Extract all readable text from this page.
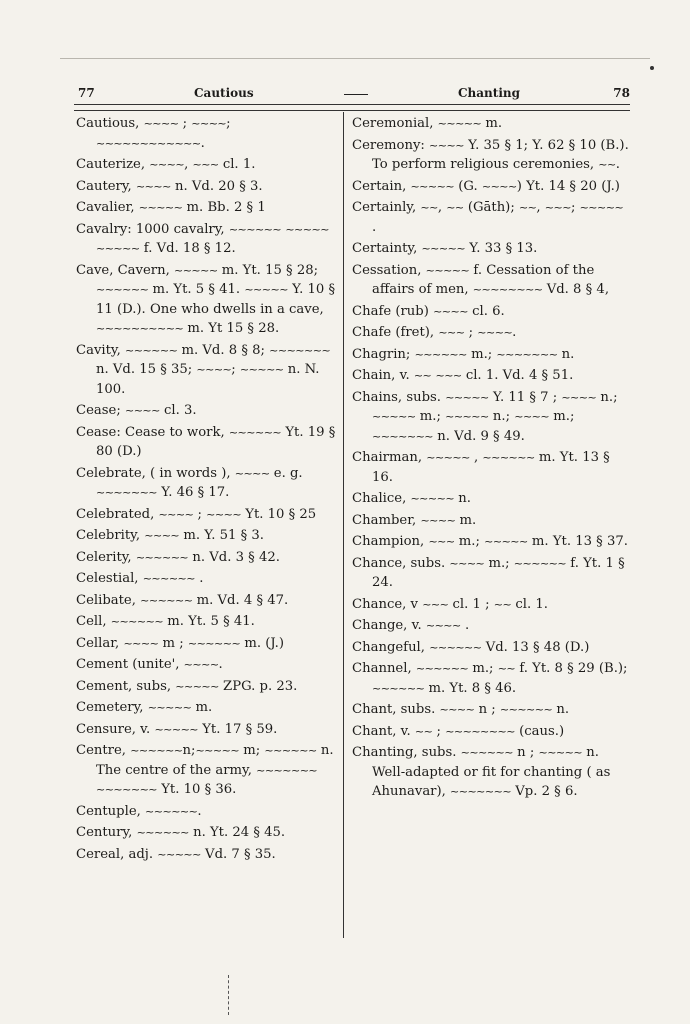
77	Cautious	Chanting	78
Cautious, ~~~~ ; ~~~~; ~~~~~~~~~~~~.
Cauterize, ~~~~, ~~~ cl. 1.
Cautery, ~~~~ n. Vd. 20 § 3.
Cavalier, ~~~~~ m. Bb. 2 § 1
Cavalry: 1000 cavalry, ~~~~~~ ~~~~~ ~~~~~ f. Vd. 18 § 12.
Cave, Cavern, ~~~~~ m. Yt. 15 § 28; ~~~~~~ m. Yt. 5 § 41. ~~~~~ Y. 10 § 11 (D.). One who dwells in a cave, ~~~~~~~~~~ m. Yt 15 § 28.
Cavity, ~~~~~~ m. Vd. 8 § 8; ~~~~~~~ n. Vd. 15 § 35; ~~~~; ~~~~~ n. N. 100.
Cease; ~~~~ cl. 3.
Cease: Cease to work, ~~~~~~ Yt. 19 § 80 (D.)
Celebrate, ( in words ), ~~~~ e. g. ~~~~~~~ Y. 46 § 17.
Celebrated, ~~~~ ; ~~~~ Yt. 10 § 25
Celebrity, ~~~~ m. Y. 51 § 3.
Celerity, ~~~~~~ n. Vd. 3 § 42.
Celestial, ~~~~~~ .
Celibate, ~~~~~~ m. Vd. 4 § 47.
Cell, ~~~~~~ m. Yt. 5 § 41.
Cellar, ~~~~ m ; ~~~~~~ m. (J.)
Cement (unite', ~~~~.
Cement, subs, ~~~~~ ZPG. p. 23.
Cemetery, ~~~~~ m.
Censure, v. ~~~~~ Yt. 17 § 59.
Centre, ~~~~~~n;~~~~~ m; ~~~~~~ n. The centre of the army, ~~~~~~~ ~~~~~~~ Yt. 10 § 36.
Centuple, ~~~~~~.
Century, ~~~~~~ n. Yt. 24 § 45.
Cereal, adj. ~~~~~ Vd. 7 § 35.
Ceremonial, ~~~~~ m.
Ceremony: ~~~~ Y. 35 § 1; Y. 62 § 10 (B.). To perform religious ceremonies, ~~.
Certain, ~~~~~ (G. ~~~~) Yt. 14 § 20 (J.)
Certainly, ~~, ~~ (Gāth); ~~, ~~~; ~~~~~ .
Certainty, ~~~~~ Y. 33 § 13.
Cessation, ~~~~~ f. Cessation of the affairs of men, ~~~~~~~~ Vd. 8 § 4,
Chafe (rub) ~~~~ cl. 6.
Chafe (fret), ~~~ ; ~~~~.
Chagrin; ~~~~~~ m.; ~~~~~~~ n.
Chain, v. ~~ ~~~ cl. 1. Vd. 4 § 51.
Chains, subs. ~~~~~ Y. 11 § 7 ; ~~~~ n.; ~~~~~ m.; ~~~~~ n.; ~~~~ m.; ~~~~~~~ n. Vd. 9 § 49.
Chairman, ~~~~~ , ~~~~~~ m. Yt. 13 § 16.
Chalice, ~~~~~ n.
Chamber, ~~~~ m.
Champion, ~~~ m.; ~~~~~ m. Yt. 13 § 37.
Chance, subs. ~~~~ m.; ~~~~~~ f. Yt. 1 § 24.
Chance, v ~~~ cl. 1 ; ~~ cl. 1.
Change, v. ~~~~ .
Changeful, ~~~~~~ Vd. 13 § 48 (D.)
Channel, ~~~~~~ m.; ~~ f. Yt. 8 § 29 (B.); ~~~~~~ m. Yt. 8 § 46.
Chant, subs. ~~~~ n ; ~~~~~~ n.
Chant, v. ~~ ; ~~~~~~~~ (caus.)
Chanting, subs. ~~~~~~ n ; ~~~~~ n. Well-adapted or fit for chanting ( as Ahunavar), ~~~~~~~ Vp. 2 § 6.
